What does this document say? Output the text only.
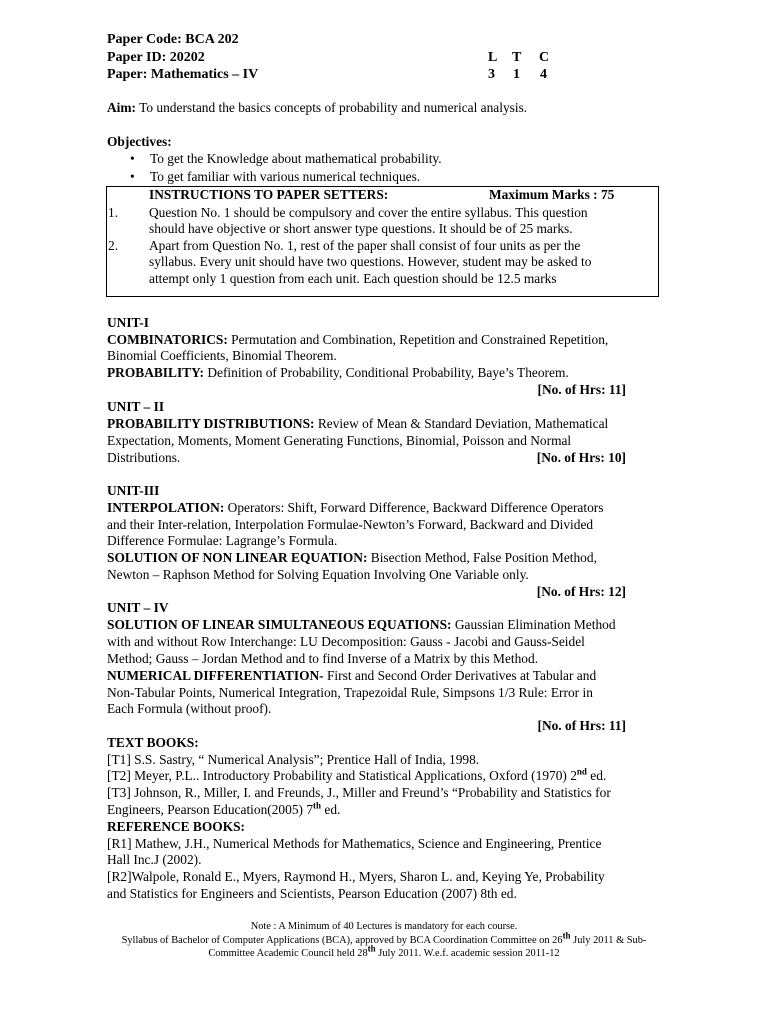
Paper Code: BCA 202
Paper ID: 20202
Paper: Mathematics – IV
L T C
3 1 4
Aim: To understand the basics concepts of probability and numerical analysis.
Objectives:
• To get the Knowledge about mathematical probability.
• To get familiar with various numerical techniques.
INSTRUCTIONS TO PAPER SETTERS:	Maximum Marks : 75
1. Question No. 1 should be compulsory and cover the entire syllabus. This question
should have objective or short answer type questions. It should be of 25 marks.
2. Apart from Question No. 1, rest of the paper shall consist of four units as per the
syllabus. Every unit should have two questions. However, student may be asked to
attempt only 1 question from each unit. Each question should be 12.5 marks
UNIT-I
COMBINATORICS: Permutation and Combination, Repetition and Constrained Repetition,
Binomial Coefficients, Binomial Theorem.
PROBABILITY: Definition of Probability, Conditional Probability, Baye’s Theorem.
[No. of Hrs: 11]
UNIT – II
PROBABILITY DISTRIBUTIONS: Review of Mean & Standard Deviation, Mathematical
Expectation, Moments, Moment Generating Functions, Binomial, Poisson and Normal
Distributions.	[No. of Hrs: 10]
UNIT-III
INTERPOLATION: Operators: Shift, Forward Difference, Backward Difference Operators
and their Inter-relation, Interpolation Formulae-Newton’s Forward, Backward and Divided
Difference Formulae: Lagrange’s Formula.
SOLUTION OF NON LINEAR EQUATION: Bisection Method, False Position Method,
Newton – Raphson Method for Solving Equation Involving One Variable only.
[No. of Hrs: 12]
UNIT – IV
SOLUTION OF LINEAR SIMULTANEOUS EQUATIONS: Gaussian Elimination Method
with and without Row Interchange: LU Decomposition: Gauss - Jacobi and Gauss-Seidel
Method; Gauss – Jordan Method and to find Inverse of a Matrix by this Method.
NUMERICAL DIFFERENTIATION- First and Second Order Derivatives at Tabular and
Non-Tabular Points, Numerical Integration, Trapezoidal Rule, Simpsons 1/3 Rule: Error in
Each Formula (without proof).
[No. of Hrs: 11]
TEXT BOOKS:
[T1] S.S. Sastry, “ Numerical Analysis”; Prentice Hall of India, 1998.
[T2] Meyer, P.L.. Introductory Probability and Statistical Applications, Oxford (1970) 2nd ed.
[T3] Johnson, R., Miller, I. and Freunds, J., Miller and Freund’s “Probability and Statistics for
Engineers, Pearson Education(2005) 7th ed.
REFERENCE BOOKS:
[R1] Mathew, J.H., Numerical Methods for Mathematics, Science and Engineering, Prentice
Hall Inc.J (2002).
[R2]Walpole, Ronald E., Myers, Raymond H., Myers, Sharon L. and, Keying Ye, Probability
and Statistics for Engineers and Scientists, Pearson Education (2007) 8th ed.
Note : A Minimum of 40 Lectures is mandatory for each course.
Syllabus of Bachelor of Computer Applications (BCA), approved by BCA Coordination Committee on 26th July 2011 & Sub-
Committee Academic Council held 28th July 2011. W.e.f. academic session 2011-12
